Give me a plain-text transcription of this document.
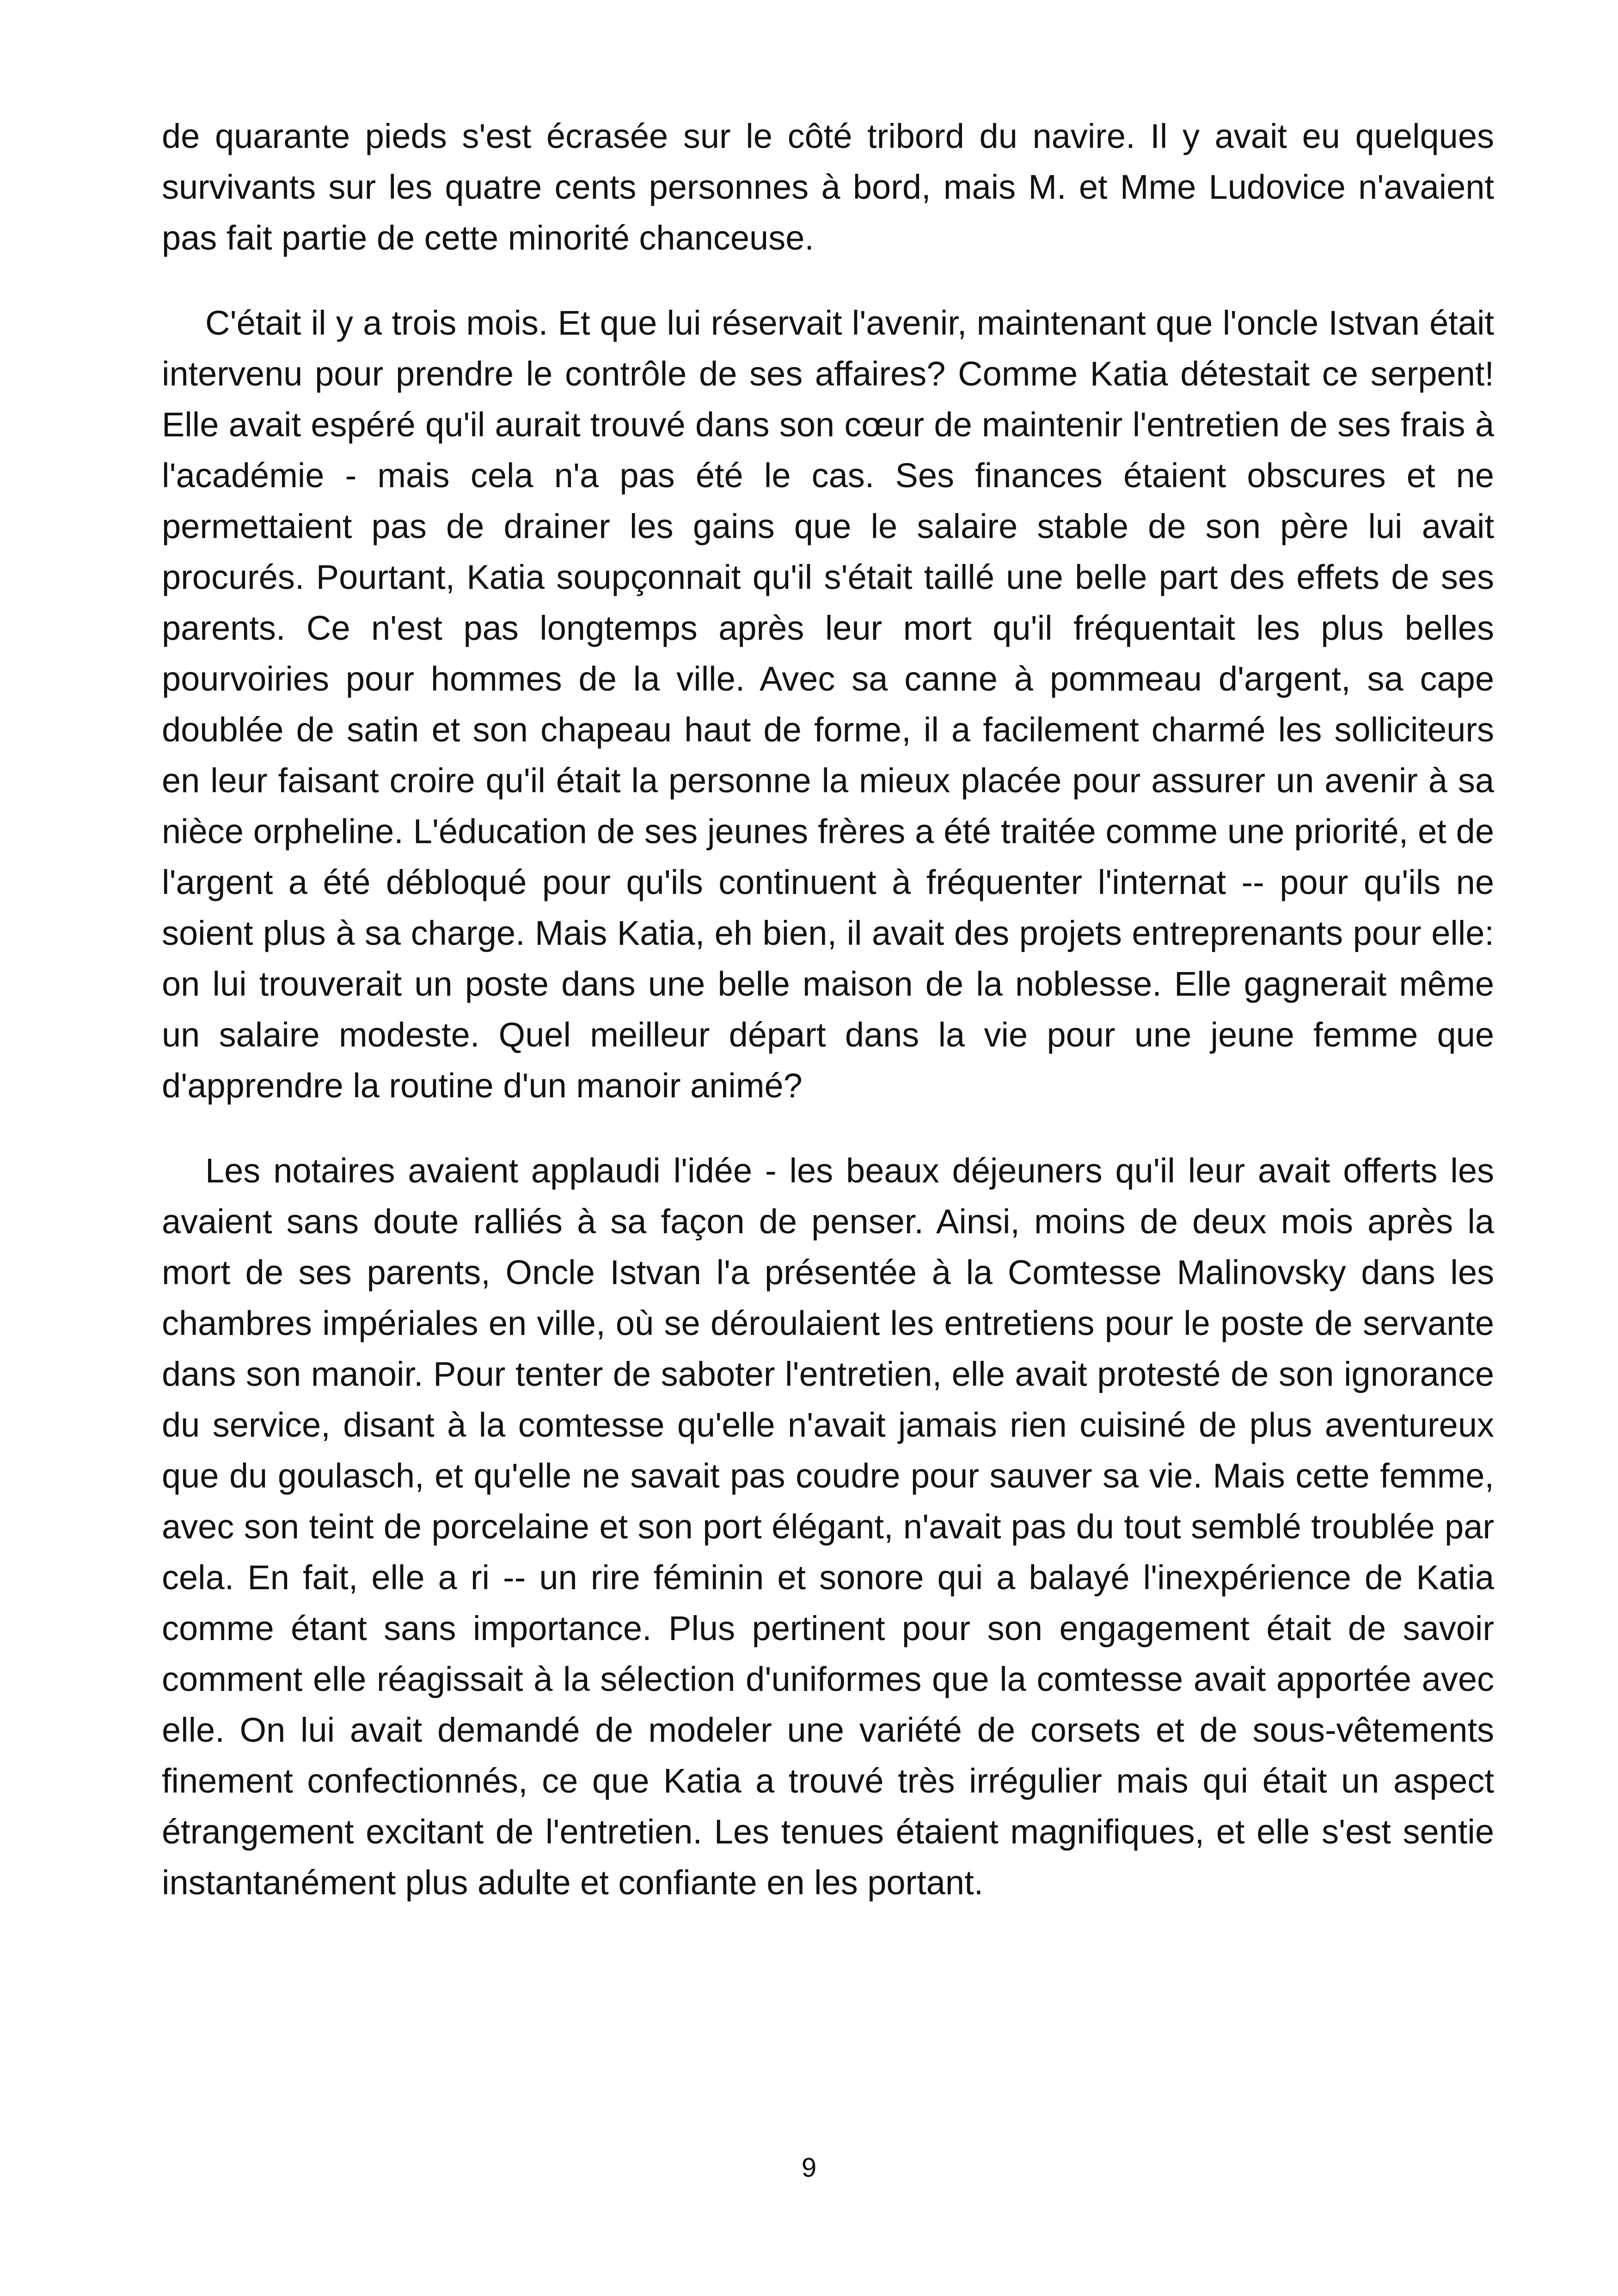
de quarante pieds s'est écrasée sur le côté tribord du navire. Il y avait eu quelques survivants sur les quatre cents personnes à bord, mais M. et Mme Ludovice n'avaient pas fait partie de cette minorité chanceuse.

C'était il y a trois mois. Et que lui réservait l'avenir, maintenant que l'oncle Istvan était intervenu pour prendre le contrôle de ses affaires? Comme Katia détestait ce serpent! Elle avait espéré qu'il aurait trouvé dans son cœur de maintenir l'entretien de ses frais à l'académie - mais cela n'a pas été le cas. Ses finances étaient obscures et ne permettaient pas de drainer les gains que le salaire stable de son père lui avait procurés. Pourtant, Katia soupçonnait qu'il s'était taillé une belle part des effets de ses parents. Ce n'est pas longtemps après leur mort qu'il fréquentait les plus belles pourvoiries pour hommes de la ville. Avec sa canne à pommeau d'argent, sa cape doublée de satin et son chapeau haut de forme, il a facilement charmé les solliciteurs en leur faisant croire qu'il était la personne la mieux placée pour assurer un avenir à sa nièce orpheline. L'éducation de ses jeunes frères a été traitée comme une priorité, et de l'argent a été débloqué pour qu'ils continuent à fréquenter l'internat -- pour qu'ils ne soient plus à sa charge. Mais Katia, eh bien, il avait des projets entreprenants pour elle: on lui trouverait un poste dans une belle maison de la noblesse. Elle gagnerait même un salaire modeste. Quel meilleur départ dans la vie pour une jeune femme que d'apprendre la routine d'un manoir animé?

Les notaires avaient applaudi l'idée - les beaux déjeuners qu'il leur avait offerts les avaient sans doute ralliés à sa façon de penser. Ainsi, moins de deux mois après la mort de ses parents, Oncle Istvan l'a présentée à la Comtesse Malinovsky dans les chambres impériales en ville, où se déroulaient les entretiens pour le poste de servante dans son manoir. Pour tenter de saboter l'entretien, elle avait protesté de son ignorance du service, disant à la comtesse qu'elle n'avait jamais rien cuisiné de plus aventureux que du goulasch, et qu'elle ne savait pas coudre pour sauver sa vie. Mais cette femme, avec son teint de porcelaine et son port élégant, n'avait pas du tout semblé troublée par cela. En fait, elle a ri -- un rire féminin et sonore qui a balayé l'inexpérience de Katia comme étant sans importance. Plus pertinent pour son engagement était de savoir comment elle réagissait à la sélection d'uniformes que la comtesse avait apportée avec elle. On lui avait demandé de modeler une variété de corsets et de sous-vêtements finement confectionnés, ce que Katia a trouvé très irrégulier mais qui était un aspect étrangement excitant de l'entretien. Les tenues étaient magnifiques, et elle s'est sentie instantanément plus adulte et confiante en les portant.

9
